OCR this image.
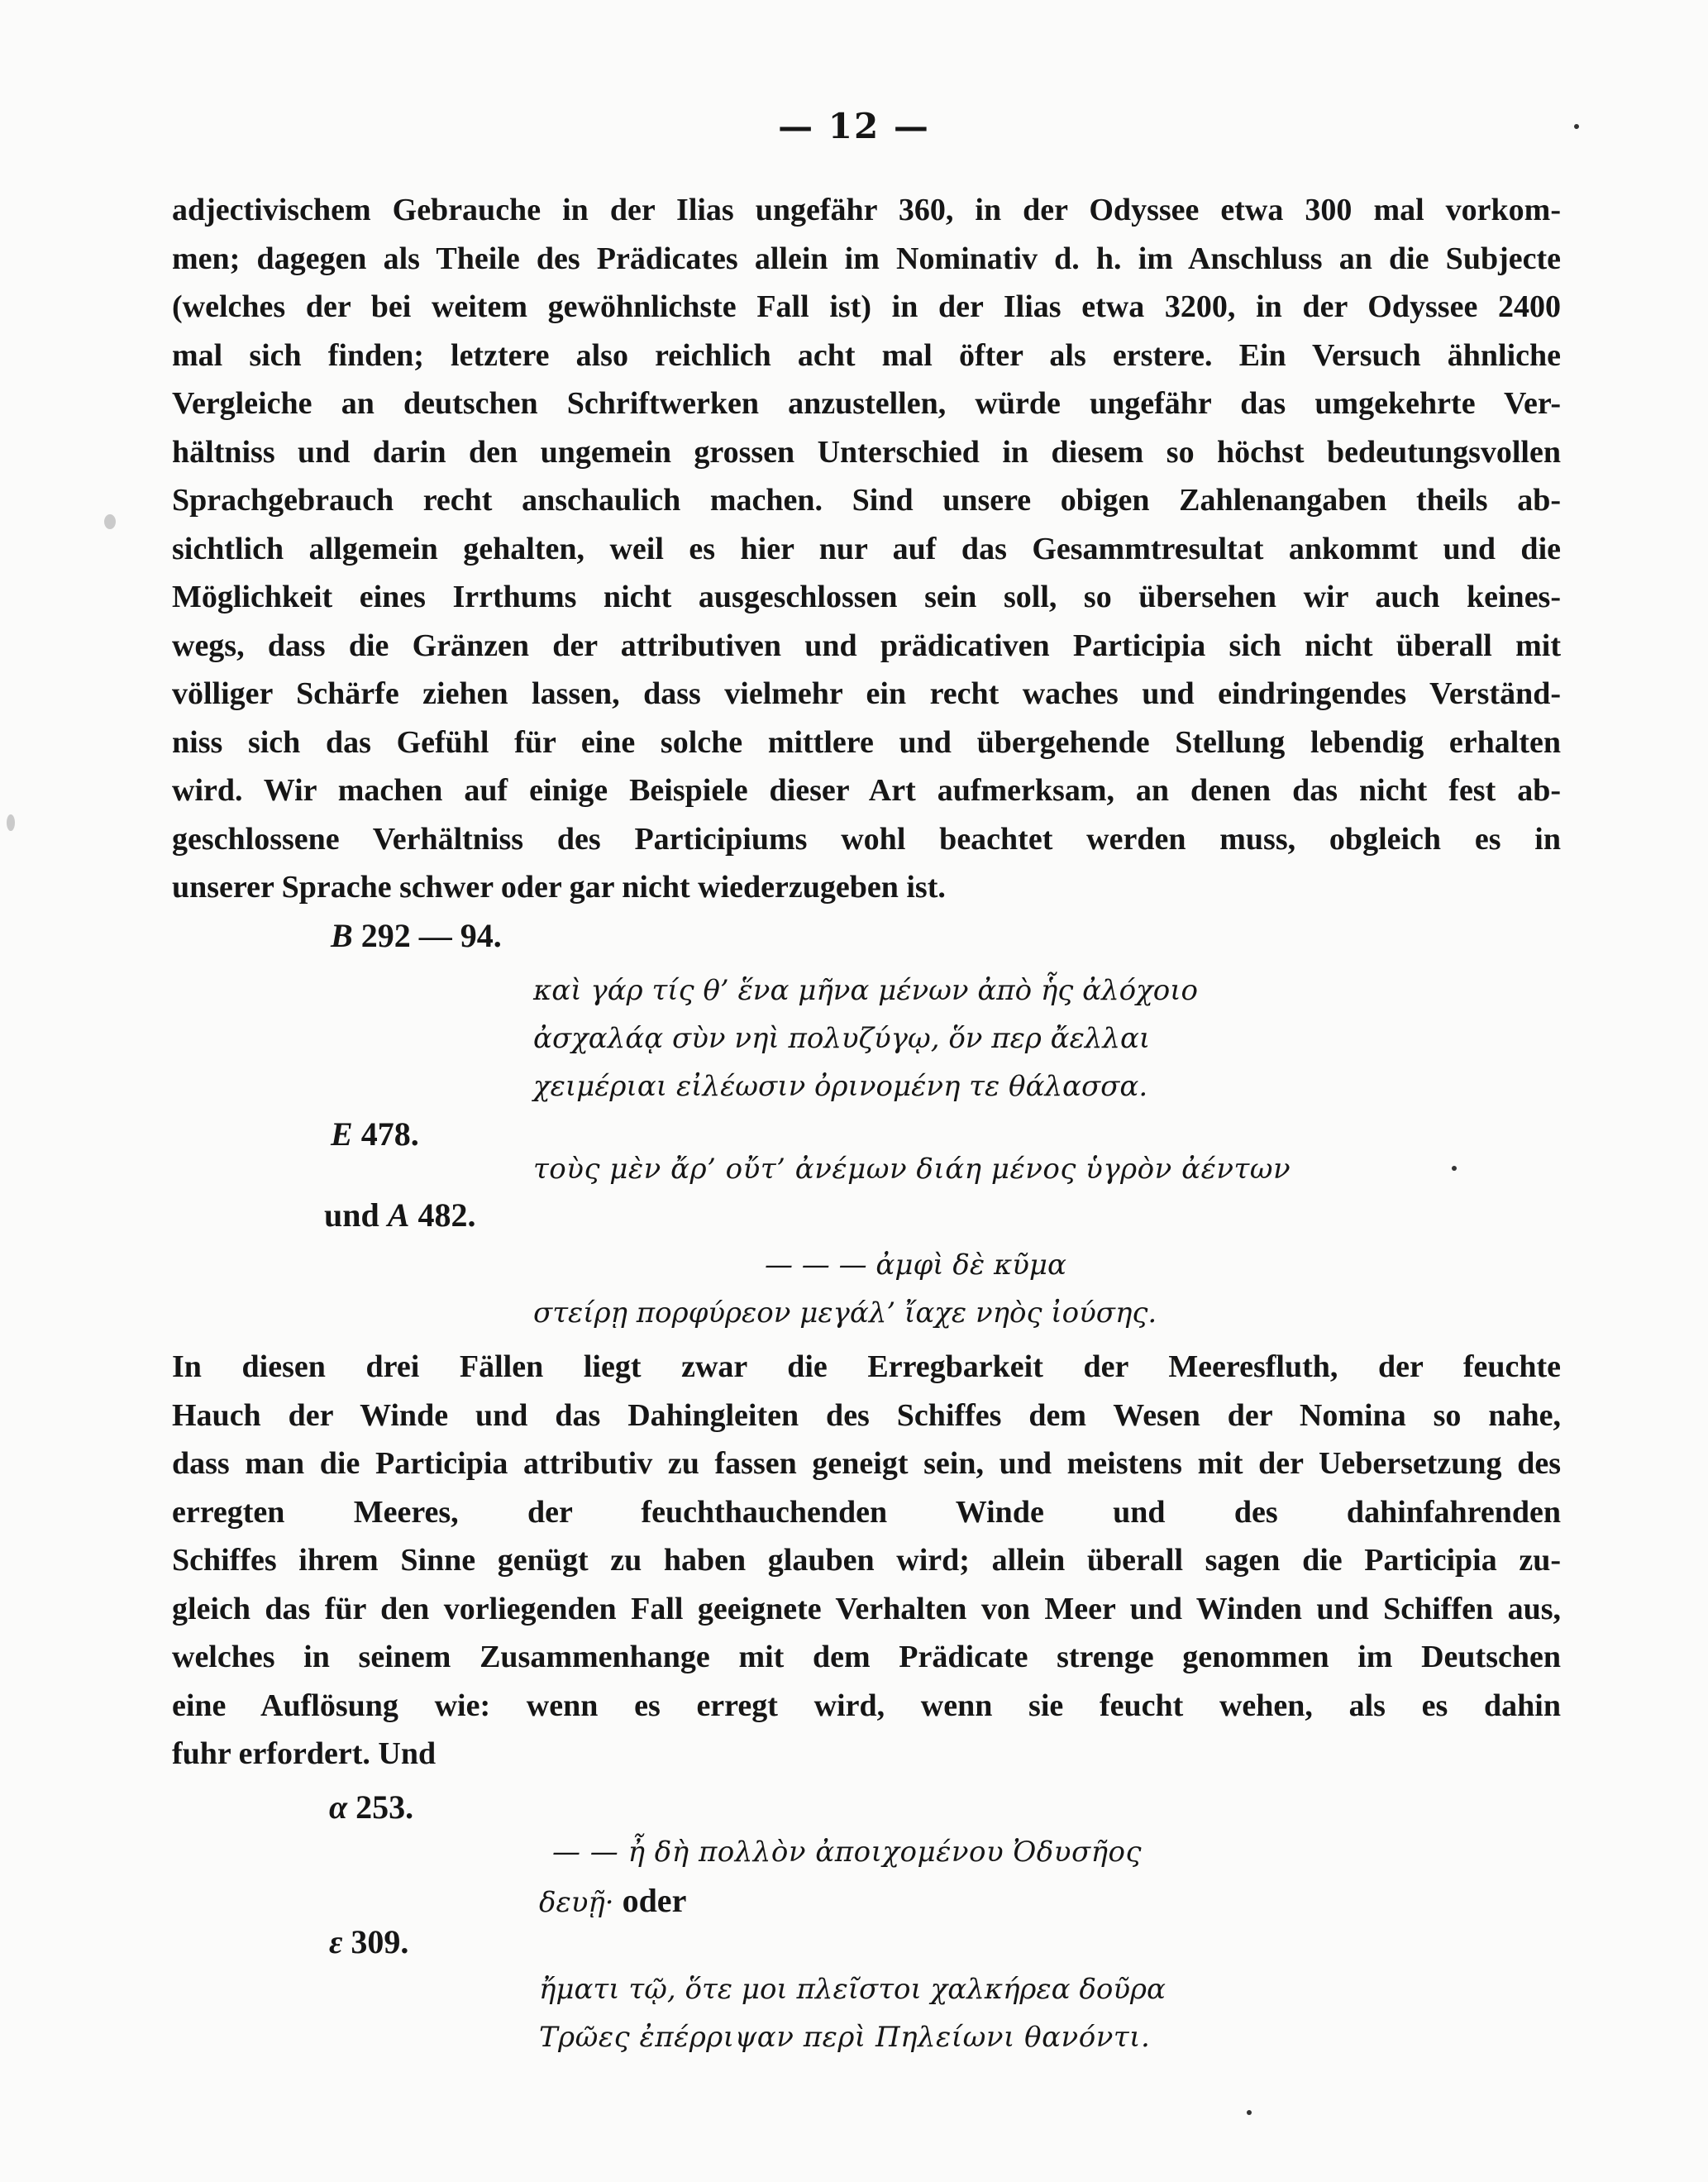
— 12 —
adjectivischem Gebrauche in der Ilias ungefähr 360, in der Odyssee etwa 300 mal vorkom-
men; dagegen als Theile des Prädicates allein im Nominativ d. h. im Anschluss an die Subjecte
(welches der bei weitem gewöhnlichste Fall ist) in der Ilias etwa 3200, in der Odyssee 2400
mal sich finden; letztere also reichlich acht mal öfter als erstere. Ein Versuch ähnliche
Vergleiche an deutschen Schriftwerken anzustellen, würde ungefähr das umgekehrte Ver-
hältniss und darin den ungemein grossen Unterschied in diesem so höchst bedeutungsvollen
Sprachgebrauch recht anschaulich machen. Sind unsere obigen Zahlenangaben theils ab-
sichtlich allgemein gehalten, weil es hier nur auf das Gesammtresultat ankommt und die
Möglichkeit eines Irrthums nicht ausgeschlossen sein soll, so übersehen wir auch keines-
wegs, dass die Gränzen der attributiven und prädicativen Participia sich nicht überall mit
völliger Schärfe ziehen lassen, dass vielmehr ein recht waches und eindringendes Verständ-
niss sich das Gefühl für eine solche mittlere und übergehende Stellung lebendig erhalten
wird. Wir machen auf einige Beispiele dieser Art aufmerksam, an denen das nicht fest ab-
geschlossene Verhältniss des Participiums wohl beachtet werden muss, obgleich es in
unserer Sprache schwer oder gar nicht wiederzugeben ist.
B 292 — 94.
καὶ γάρ τίς θ’ ἕνα μῆνα μένων ἀπὸ ἧς ἀλόχοιο
ἀσχαλάᾳ σὺν νηὶ πολυζύγῳ, ὅν περ ἄελλαι
χειμέριαι εἰλέωσιν ὀρινομένη τε θάλασσα.
E 478.
τοὺς μὲν ἄρ’ οὔτ’ ἀνέμων διάη μένος ὑγρὸν ἀέντων
und A 482.
— — — ἀμφὶ δὲ κῦμα
στείρῃ πορφύρεον μεγάλ’ ἴαχε νηὸς ἰούσης.
In diesen drei Fällen liegt zwar die Erregbarkeit der Meeresfluth, der feuchte
Hauch der Winde und das Dahingleiten des Schiffes dem Wesen der Nomina so nahe,
dass man die Participia attributiv zu fassen geneigt sein, und meistens mit der Uebersetzung des
erregten Meeres, der feuchthauchenden Winde und des dahinfahrenden
Schiffes ihrem Sinne genügt zu haben glauben wird; allein überall sagen die Participia zu-
gleich das für den vorliegenden Fall geeignete Verhalten von Meer und Winden und Schiffen aus,
welches in seinem Zusammenhange mit dem Prädicate strenge genommen im Deutschen
eine Auflösung wie: wenn es erregt wird, wenn sie feucht wehen, als es dahin
fuhr erfordert. Und
α 253.
— — ἦ δὴ πολλὸν ἀποιχομένου Ὀδυσῆος
δευῇ· oder
ε 309.
ἤματι τῷ, ὅτε μοι πλεῖστοι χαλκήρεα δοῦρα
Τρῶες ἐπέρριψαν περὶ Πηλείωνι θανόντι.
